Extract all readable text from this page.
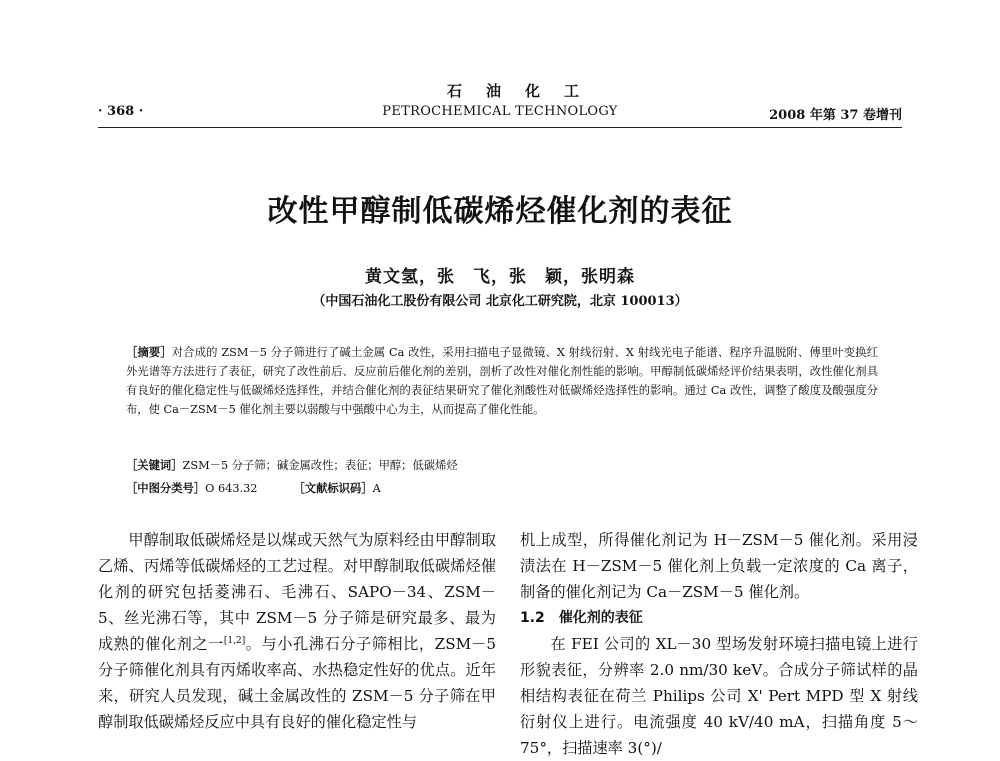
· 368 ·
石油化工
PETROCHEMICAL TECHNOLOGY	2008 年第 37 卷增刊
改性甲醇制低碳烯烃催化剂的表征
黄文氢，张　飞，张　颖，张明森
（中国石油化工股份有限公司 北京化工研究院，北京 100013）
［摘要］对合成的 ZSM－5 分子筛进行了碱土金属 Ca 改性，采用扫描电子显微镜、X 射线衍射、X 射线光电子能谱、程序升温脱附、傅里叶变换红外光谱等方法进行了表征，研究了改性前后、反应前后催化剂的差别，剖析了改性对催化剂性能的影响。甲醇制低碳烯烃评价结果表明，改性催化剂具有良好的催化稳定性与低碳烯烃选择性，并结合催化剂的表征结果研究了催化剂酸性对低碳烯烃选择性的影响。通过 Ca 改性，调整了酸度及酸强度分布，使 Ca－ZSM－5 催化剂主要以弱酸与中强酸中心为主，从而提高了催化性能。
［关键词］ZSM－5 分子筛；碱金属改性；表征；甲醇；低碳烯烃
［中图分类号］O 643.32	［文献标识码］A

甲醇制取低碳烯烃是以煤或天然气为原料经由甲醇制取乙烯、丙烯等低碳烯烃的工艺过程。对甲醇制取低碳烯烃催化剂的研究包括菱沸石、毛沸石、SAPO－34、ZSM－5、丝光沸石等，其中 ZSM－5 分子筛是研究最多、最为成熟的催化剂之一[1,2]。与小孔沸石分子筛相比，ZSM－5 分子筛催化剂具有丙烯收率高、水热稳定性好的优点。近年来，研究人员发现，碱土金属改性的 ZSM－5 分子筛在甲醇制取低碳烯烃反应中具有良好的催化稳定性与

机上成型，所得催化剂记为 H－ZSM－5 催化剂。采用浸渍法在 H－ZSM－5 催化剂上负载一定浓度的 Ca 离子，制备的催化剂记为 Ca－ZSM－5 催化剂。

1.2 催化剂的表征

在 FEI 公司的 XL－30 型场发射环境扫描电镜上进行形貌表征，分辨率 2.0 nm/30 keV。合成分子筛试样的晶相结构表征在荷兰 Philips 公司 X' Pert MPD 型 X 射线衍射仪上进行。电流强度 40 kV/40 mA，扫描角度 5～75°，扫描速率 3(°)/
